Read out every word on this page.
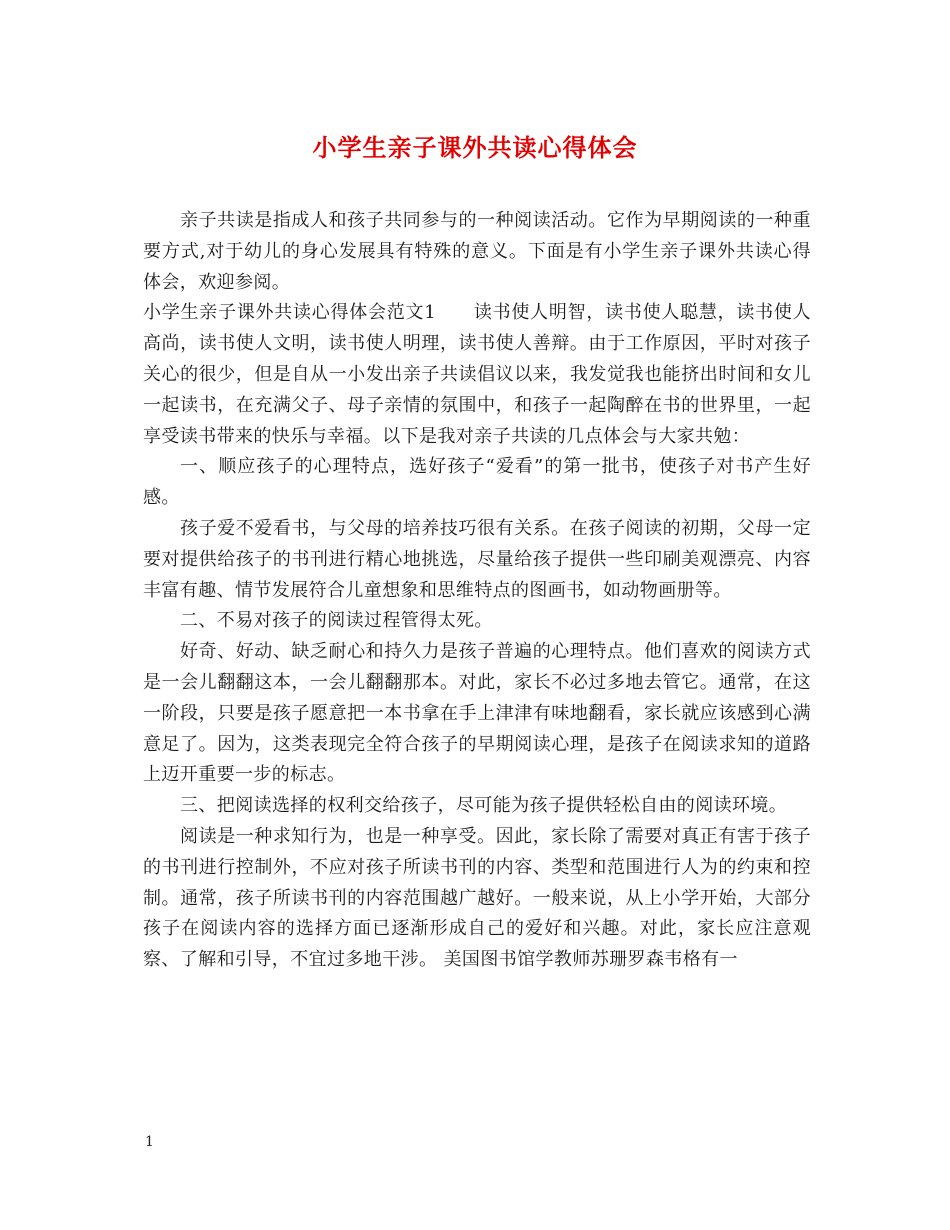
小学生亲子课外共读心得体会

亲子共读是指成人和孩子共同参与的一种阅读活动。它作为早期阅读的一种重要方式,对于幼儿的身心发展具有特殊的意义。下面是有小学生亲子课外共读心得体会，欢迎参阅。

小学生亲子课外共读心得体会范文1　　读书使人明智，读书使人聪慧，读书使人高尚，读书使人文明，读书使人明理，读书使人善辩。由于工作原因，平时对孩子关心的很少，但是自从一小发出亲子共读倡议以来，我发觉我也能挤出时间和女儿一起读书，在充满父子、母子亲情的氛围中，和孩子一起陶醉在书的世界里，一起享受读书带来的快乐与幸福。以下是我对亲子共读的几点体会与大家共勉：

一、顺应孩子的心理特点，选好孩子“爱看”的第一批书，使孩子对书产生好感。

孩子爱不爱看书，与父母的培养技巧很有关系。在孩子阅读的初期，父母一定要对提供给孩子的书刊进行精心地挑选，尽量给孩子提供一些印刷美观漂亮、内容丰富有趣、情节发展符合儿童想象和思维特点的图画书，如动物画册等。

二、不易对孩子的阅读过程管得太死。

好奇、好动、缺乏耐心和持久力是孩子普遍的心理特点。他们喜欢的阅读方式是一会儿翻翻这本，一会儿翻翻那本。对此，家长不必过多地去管它。通常，在这一阶段，只要是孩子愿意把一本书拿在手上津津有味地翻看，家长就应该感到心满意足了。因为，这类表现完全符合孩子的早期阅读心理，是孩子在阅读求知的道路上迈开重要一步的标志。

三、把阅读选择的权利交给孩子，尽可能为孩子提供轻松自由的阅读环境。

阅读是一种求知行为，也是一种享受。因此，家长除了需要对真正有害于孩子的书刊进行控制外，不应对孩子所读书刊的内容、类型和范围进行人为的约束和控制。通常，孩子所读书刊的内容范围越广越好。一般来说，从上小学开始，大部分孩子在阅读内容的选择方面已逐渐形成自己的爱好和兴趣。对此，家长应注意观察、了解和引导，不宜过多地干涉。 美国图书馆学教师苏珊罗森韦格有一

1
